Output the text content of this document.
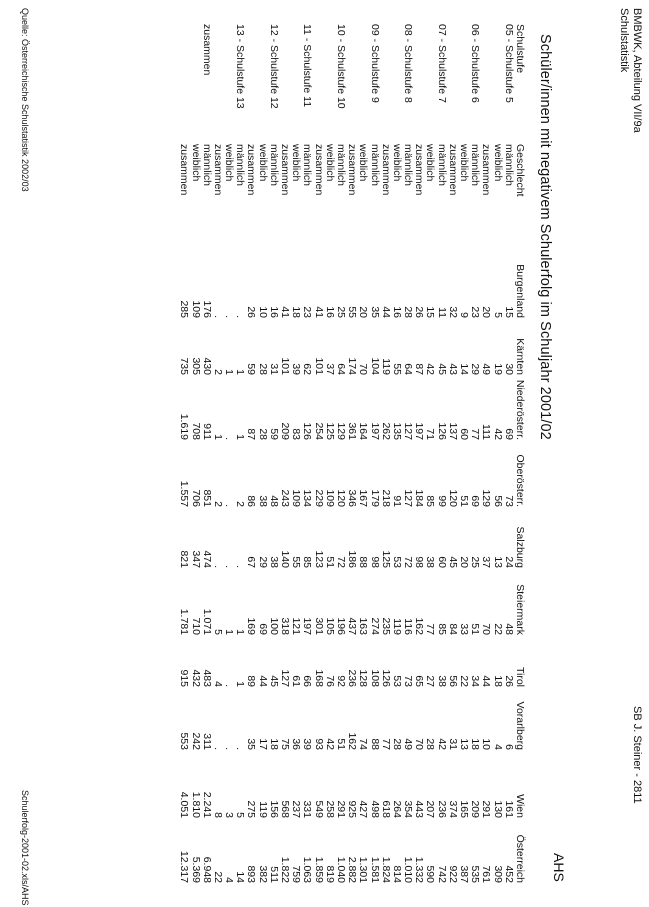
BMBWK, Abteilung VII/9a
Schulstatistik
SB J. Steiner - 2811
Schüler/innen mit negativem Schulerfolg im Schuljahr 2001/02
AHS
Schulstufe
Geschlecht
Burgenland
Kärnten
Niederösterr.
Oberösterr.
Salzburg
Steiermark
Tirol
Vorarlberg
Wien
Österreich
05 - Schulstufe 5
männlich
15
30
69
73
24
48
26
6
161
452
weiblich
5
19
42
56
13
22
18
4
130
309
zusammen
20
49
111
129
37
70
44
10
291
761
06 - Schulstufe 6
männlich
23
29
77
69
25
51
34
18
209
535
weiblich
9
14
60
51
20
33
22
13
165
387
zusammen
32
43
137
120
45
84
56
31
374
922
07 - Schulstufe 7
männlich
11
45
126
99
60
85
38
42
236
742
weiblich
15
42
71
85
38
77
27
28
207
590
zusammen
26
87
197
184
98
162
65
70
443
1.332
08 - Schulstufe 8
männlich
28
64
127
127
72
116
73
49
354
1.010
weiblich
16
55
135
91
53
119
53
28
264
814
zusammen
44
119
262
218
125
235
126
77
618
1.824
09 - Schulstufe 9
männlich
35
104
197
179
98
274
108
88
498
1.581
weiblich
20
70
164
167
88
163
128
74
427
1.301
zusammen
55
174
361
346
186
437
236
162
925
2.882
10 - Schulstufe 10
männlich
25
64
129
120
72
196
92
51
291
1.040
weiblich
16
37
125
109
51
105
76
42
258
819
zusammen
41
101
254
229
123
301
168
93
549
1.859
11 - Schulstufe 11
männlich
23
62
126
134
85
197
66
39
331
1.063
weiblich
18
39
83
109
55
121
61
36
237
759
zusammen
41
101
209
243
140
318
127
75
568
1.822
12 - Schulstufe 12
männlich
16
31
59
48
38
100
45
18
156
511
weiblich
10
28
28
38
29
69
44
17
119
382
zusammen
26
59
87
86
67
169
89
35
275
893
13 - Schulstufe 13
männlich
.
1
1
2
.
1
1
.
5
14
weiblich
.
1
.
.
.
1
.
.
3
4
zusammen
.
2
1
2
.
5
4
.
8
22
zusammen
männlich
176
430
911
851
474
1.071
483
311
2.241
6.948
weiblich
109
305
708
706
347
710
432
242
1.810
5.369
zusammen
285
735
1.619
1.557
821
1.781
915
553
4.051
12.317
Quelle: Österreichische Schulstatistik 2002/03
Schulerfolg-2001-02.xls/AHS
